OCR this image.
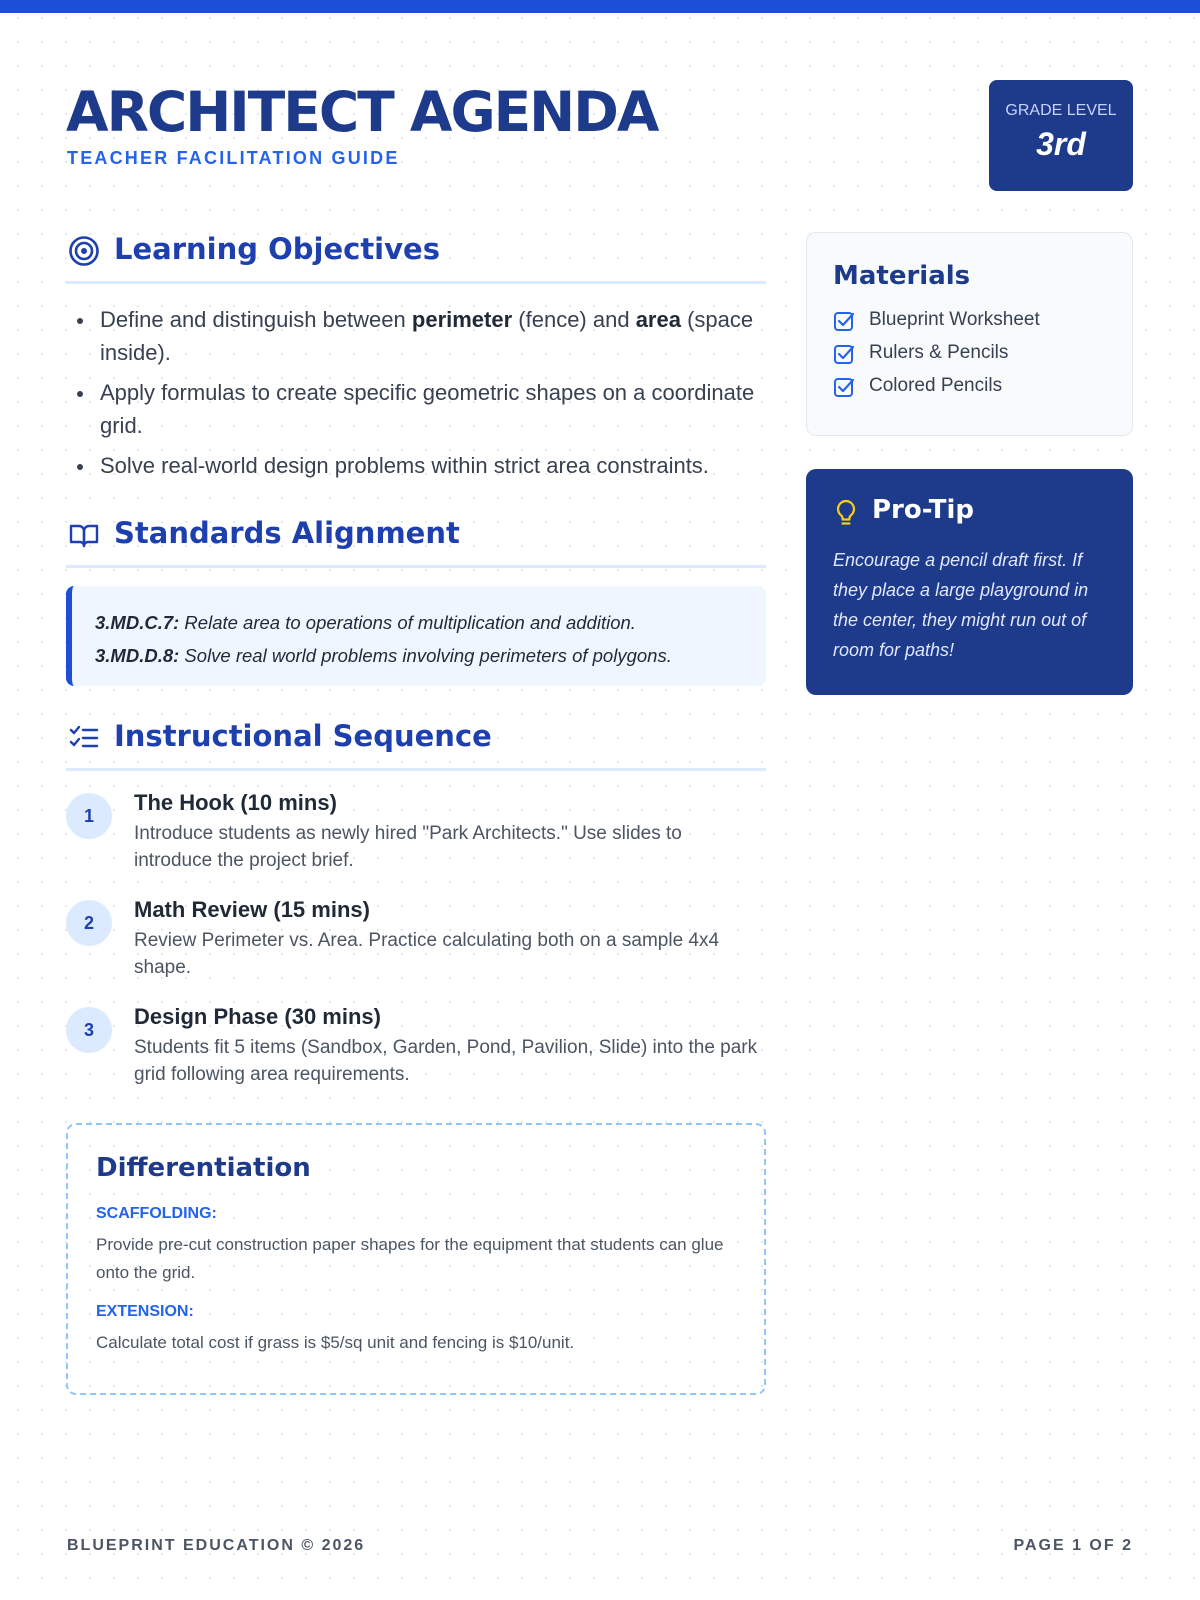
ARCHITECT AGENDA
TEACHER FACILITATION GUIDE
GRADE LEVEL
3rd
Learning Objectives
Define and distinguish between perimeter (fence) and area (space inside).
Apply formulas to create specific geometric shapes on a coordinate grid.
Solve real-world design problems within strict area constraints.
Standards Alignment

3.MD.C.7: Relate area to operations of multiplication and addition.

3.MD.D.8: Solve real world problems involving perimeters of polygons.

Instructional Sequence
1
The Hook (10 mins)
Introduce students as newly hired "Park Architects." Use slides to introduce the project brief.
2
Math Review (15 mins)
Review Perimeter vs. Area. Practice calculating both on a sample 4x4 shape.
3
Design Phase (30 mins)
Students fit 5 items (Sandbox, Garden, Pond, Pavilion, Slide) into the park grid following area requirements.
Differentiation
SCAFFOLDING:
Provide pre-cut construction paper shapes for the equipment that students can glue onto the grid.
EXTENSION:
Calculate total cost if grass is $5/sq unit and fencing is $10/unit.
Materials
Blueprint Worksheet
Rulers & Pencils
Colored Pencils
Pro-Tip
Encourage a pencil draft first. If they place a large playground in the center, they might run out of room for paths!
BLUEPRINT EDUCATION © 2026	PAGE 1 OF 2
